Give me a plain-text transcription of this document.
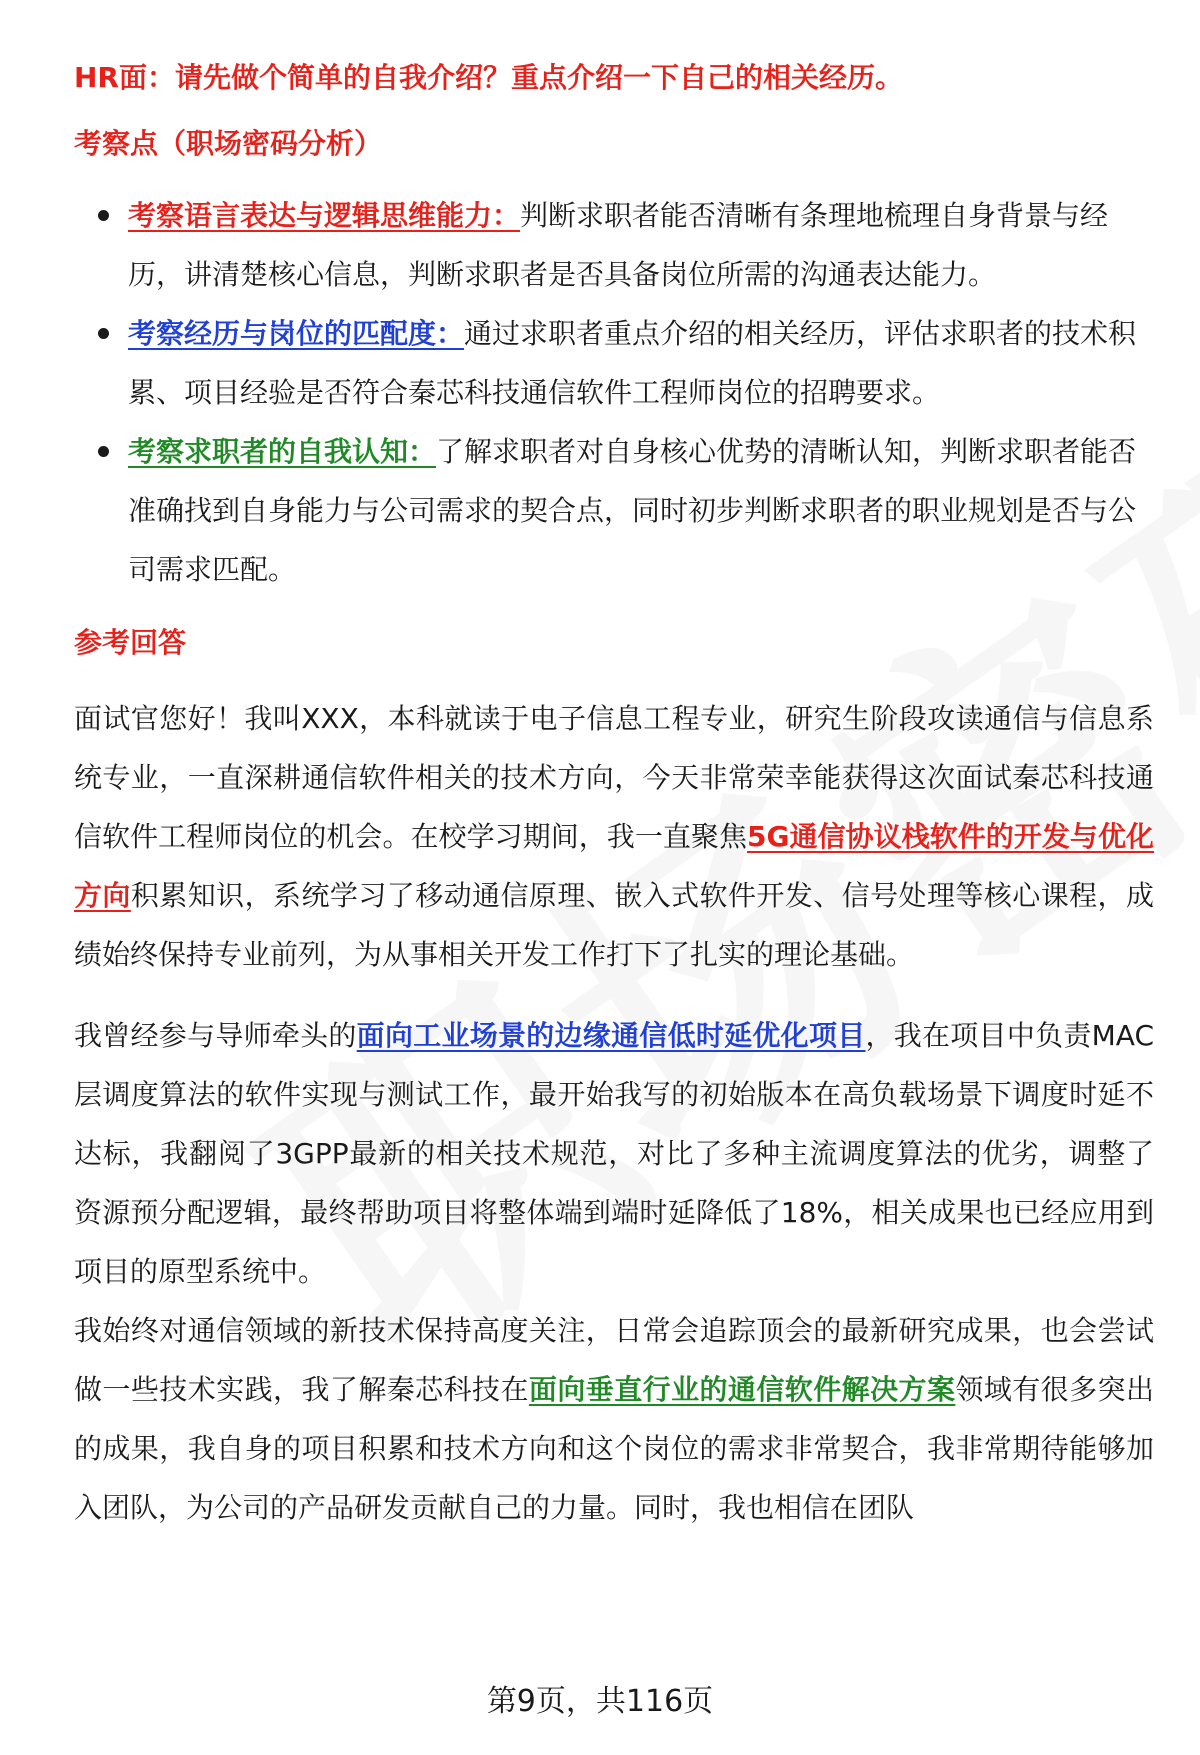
HR面：请先做个简单的自我介绍？重点介绍一下自己的相关经历。
考察点（职场密码分析）
考察语言表达与逻辑思维能力：判断求职者能否清晰有条理地梳理自身背景与经历，讲清楚核心信息，判断求职者是否具备岗位所需的沟通表达能力。
考察经历与岗位的匹配度：通过求职者重点介绍的相关经历，评估求职者的技术积累、项目经验是否符合秦芯科技通信软件工程师岗位的招聘要求。
考察求职者的自我认知：了解求职者对自身核心优势的清晰认知，判断求职者能否准确找到自身能力与公司需求的契合点，同时初步判断求职者的职业规划是否与公司需求匹配。
参考回答

面试官您好！我叫XXX，本科就读于电子信息工程专业，研究生阶段攻读通信与信息系统专业，一直深耕通信软件相关的技术方向，今天非常荣幸能获得这次面试秦芯科技通信软件工程师岗位的机会。在校学习期间，我一直聚焦5G通信协议栈软件的开发与优化方向积累知识，系统学习了移动通信原理、嵌入式软件开发、信号处理等核心课程，成绩始终保持专业前列，为从事相关开发工作打下了扎实的理论基础。

我曾经参与导师牵头的面向工业场景的边缘通信低时延优化项目，我在项目中负责MAC层调度算法的软件实现与测试工作，最开始我写的初始版本在高负载场景下调度时延不达标，我翻阅了3GPP最新的相关技术规范，对比了多种主流调度算法的优劣，调整了资源预分配逻辑，最终帮助项目将整体端到端时延降低了18%，相关成果也已经应用到项目的原型系统中。

我始终对通信领域的新技术保持高度关注，日常会追踪顶会的最新研究成果，也会尝试做一些技术实践，我了解秦芯科技在面向垂直行业的通信软件解决方案领域有很多突出的成果，我自身的项目积累和技术方向和这个岗位的需求非常契合，我非常期待能够加入团队，为公司的产品研发贡献自己的力量。同时，我也相信在团队

第9页，共116页
